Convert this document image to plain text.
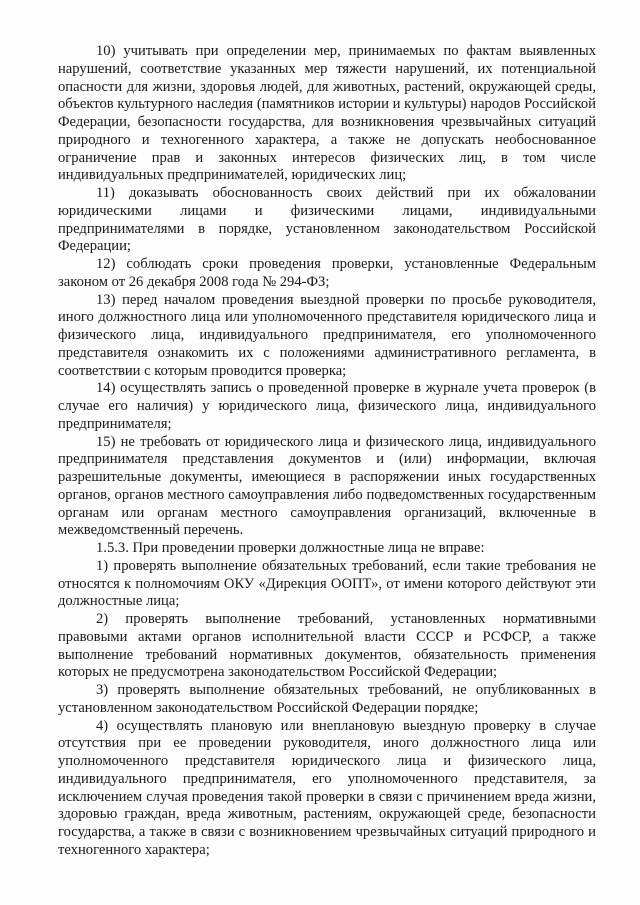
10) учитывать при определении мер, принимаемых по фактам выявленных нарушений, соответствие указанных мер тяжести нарушений, их потенциальной опасности для жизни, здоровья людей, для животных, растений, окружающей среды, объектов культурного наследия (памятников истории и культуры) народов Российской Федерации, безопасности государства, для возникновения чрезвычайных ситуаций природного и техногенного характера, а также не допускать необоснованное ограничение прав и законных интересов физических лиц, в том числе индивидуальных предпринимателей, юридических лиц;

11) доказывать обоснованность своих действий при их обжаловании юридическими лицами и физическими лицами, индивидуальными предпринимателями в порядке, установленном законодательством Российской Федерации;

12) соблюдать сроки проведения проверки, установленные Федеральным законом от 26 декабря 2008 года № 294-ФЗ;

13) перед началом проведения выездной проверки по просьбе руководителя, иного должностного лица или уполномоченного представителя юридического лица и физического лица, индивидуального предпринимателя, его уполномоченного представителя ознакомить их с положениями административного регламента, в соответствии с которым проводится проверка;

14) осуществлять запись о проведенной проверке в журнале учета проверок (в случае его наличия) у юридического лица, физического лица, индивидуального предпринимателя;

15) не требовать от юридического лица и физического лица, индивидуального предпринимателя представления документов и (или) информации, включая разрешительные документы, имеющиеся в распоряжении иных государственных органов, органов местного самоуправления либо подведомственных государственным органам или органам местного самоуправления организаций, включенные в межведомственный перечень.

1.5.3. При проведении проверки должностные лица не вправе:

1) проверять выполнение обязательных требований, если такие требования не относятся к полномочиям ОКУ «Дирекция ООПТ», от имени которого действуют эти должностные лица;

2) проверять выполнение требований, установленных нормативными правовыми актами органов исполнительной власти СССР и РСФСР, а также выполнение требований нормативных документов, обязательность применения которых не предусмотрена законодательством Российской Федерации;

3) проверять выполнение обязательных требований, не опубликованных в установленном законодательством Российской Федерации порядке;

4) осуществлять плановую или внеплановую выездную проверку в случае отсутствия при ее проведении руководителя, иного должностного лица или уполномоченного представителя юридического лица и физического лица, индивидуального предпринимателя, его уполномоченного представителя, за исключением случая проведения такой проверки в связи с причинением вреда жизни, здоровью граждан, вреда животным, растениям, окружающей среде, безопасности государства, а также в связи с возникновением чрезвычайных ситуаций природного и техногенного характера;
